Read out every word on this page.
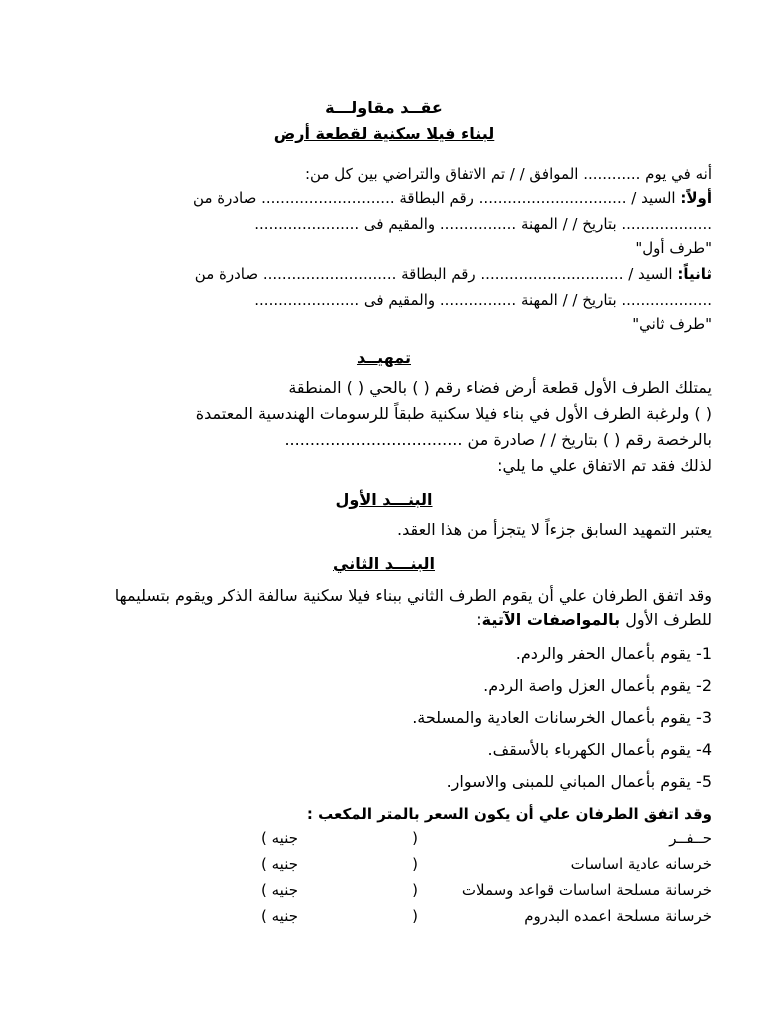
عقــد مقاولـــة
لبناء فيلا سكنية لقطعة أرض
أنه في يوم ............ الموافق / / تم الاتفاق والتراضي بين كل من:
أولاً: السيد / ............................... رقم البطاقة ............................ صادرة من
................... بتاريخ / / المهنة ................ والمقيم فى ......................
"طرف أول"
ثانياً: السيد / .............................. رقم البطاقة ............................ صادرة من
................... بتاريخ / / المهنة ................ والمقيم فى ......................
"طرف ثاني"
تمهيــد
يمتلك الطرف الأول قطعة أرض فضاء رقم ( ) بالحي ( ) المنطقة
( ) ولرغبة الطرف الأول في بناء فيلا سكنية طبقاً للرسومات الهندسية المعتمدة
بالرخصة رقم ( ) بتاريخ / / صادرة من ...................................
لذلك فقد تم الاتفاق علي ما يلي:
البنـــد الأول
يعتبر التمهيد السابق جزءاً لا يتجزأ من هذا العقد.
البنـــد الثاني
وقد اتفق الطرفان علي أن يقوم الطرف الثاني ببناء فيلا سكنية سالفة الذكر ويقوم بتسليمها
للطرف الأول بالمواصفات الآتية:
1- يقوم بأعمال الحفر والردم.
2- يقوم بأعمال العزل واصة الردم.
3- يقوم بأعمال الخرسانات العادية والمسلحة.
4- يقوم بأعمال الكهرباء بالأسقف.
5- يقوم بأعمال المباني للمبنى والاسوار.
وقد اتفق الطرفان علي أن يكون السعر بالمتر المكعب :
حــفــر
(
جنيه )
خرسانه عادية اساسات
(
جنيه )
خرسانة مسلحة اساسات قواعد وسملات
(
جنيه )
خرسانة مسلحة اعمده البدروم
(
جنيه )
